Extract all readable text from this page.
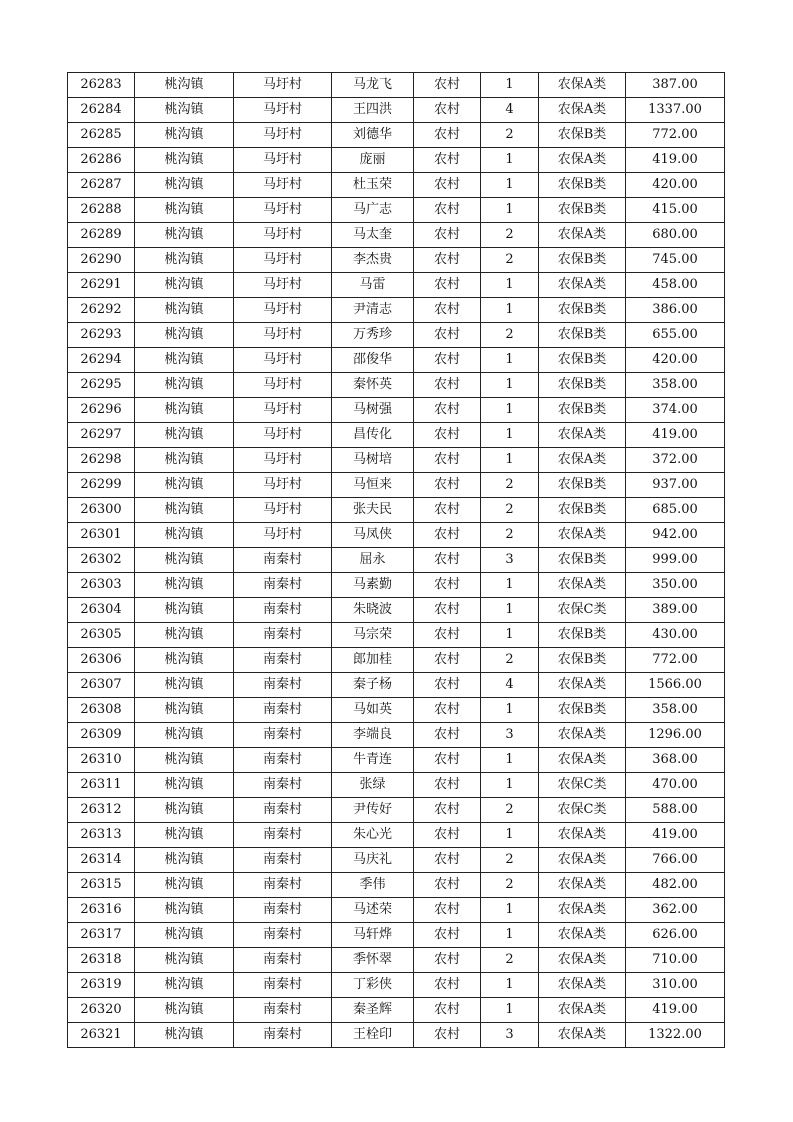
26283	桃沟镇	马圩村	马龙飞	农村	1	农保A类	387.00
26284	桃沟镇	马圩村	王四洪	农村	4	农保A类	1337.00
26285	桃沟镇	马圩村	刘德华	农村	2	农保B类	772.00
26286	桃沟镇	马圩村	庞丽	农村	1	农保A类	419.00
26287	桃沟镇	马圩村	杜玉荣	农村	1	农保B类	420.00
26288	桃沟镇	马圩村	马广志	农村	1	农保B类	415.00
26289	桃沟镇	马圩村	马太奎	农村	2	农保A类	680.00
26290	桃沟镇	马圩村	李杰贵	农村	2	农保B类	745.00
26291	桃沟镇	马圩村	马雷	农村	1	农保A类	458.00
26292	桃沟镇	马圩村	尹清志	农村	1	农保B类	386.00
26293	桃沟镇	马圩村	万秀珍	农村	2	农保B类	655.00
26294	桃沟镇	马圩村	邵俊华	农村	1	农保B类	420.00
26295	桃沟镇	马圩村	秦怀英	农村	1	农保B类	358.00
26296	桃沟镇	马圩村	马树强	农村	1	农保B类	374.00
26297	桃沟镇	马圩村	昌传化	农村	1	农保A类	419.00
26298	桃沟镇	马圩村	马树培	农村	1	农保A类	372.00
26299	桃沟镇	马圩村	马恒来	农村	2	农保B类	937.00
26300	桃沟镇	马圩村	张夫民	农村	2	农保B类	685.00
26301	桃沟镇	马圩村	马凤侠	农村	2	农保A类	942.00
26302	桃沟镇	南秦村	屈永	农村	3	农保B类	999.00
26303	桃沟镇	南秦村	马素勤	农村	1	农保A类	350.00
26304	桃沟镇	南秦村	朱晓波	农村	1	农保C类	389.00
26305	桃沟镇	南秦村	马宗荣	农村	1	农保B类	430.00
26306	桃沟镇	南秦村	郎加桂	农村	2	农保B类	772.00
26307	桃沟镇	南秦村	秦子杨	农村	4	农保A类	1566.00
26308	桃沟镇	南秦村	马如英	农村	1	农保B类	358.00
26309	桃沟镇	南秦村	李端良	农村	3	农保A类	1296.00
26310	桃沟镇	南秦村	牛青连	农村	1	农保A类	368.00
26311	桃沟镇	南秦村	张绿	农村	1	农保C类	470.00
26312	桃沟镇	南秦村	尹传好	农村	2	农保C类	588.00
26313	桃沟镇	南秦村	朱心光	农村	1	农保A类	419.00
26314	桃沟镇	南秦村	马庆礼	农村	2	农保A类	766.00
26315	桃沟镇	南秦村	季伟	农村	2	农保A类	482.00
26316	桃沟镇	南秦村	马述荣	农村	1	农保A类	362.00
26317	桃沟镇	南秦村	马轩烨	农村	1	农保A类	626.00
26318	桃沟镇	南秦村	季怀翠	农村	2	农保A类	710.00
26319	桃沟镇	南秦村	丁彩侠	农村	1	农保A类	310.00
26320	桃沟镇	南秦村	秦圣辉	农村	1	农保A类	419.00
26321	桃沟镇	南秦村	王栓印	农村	3	农保A类	1322.00
